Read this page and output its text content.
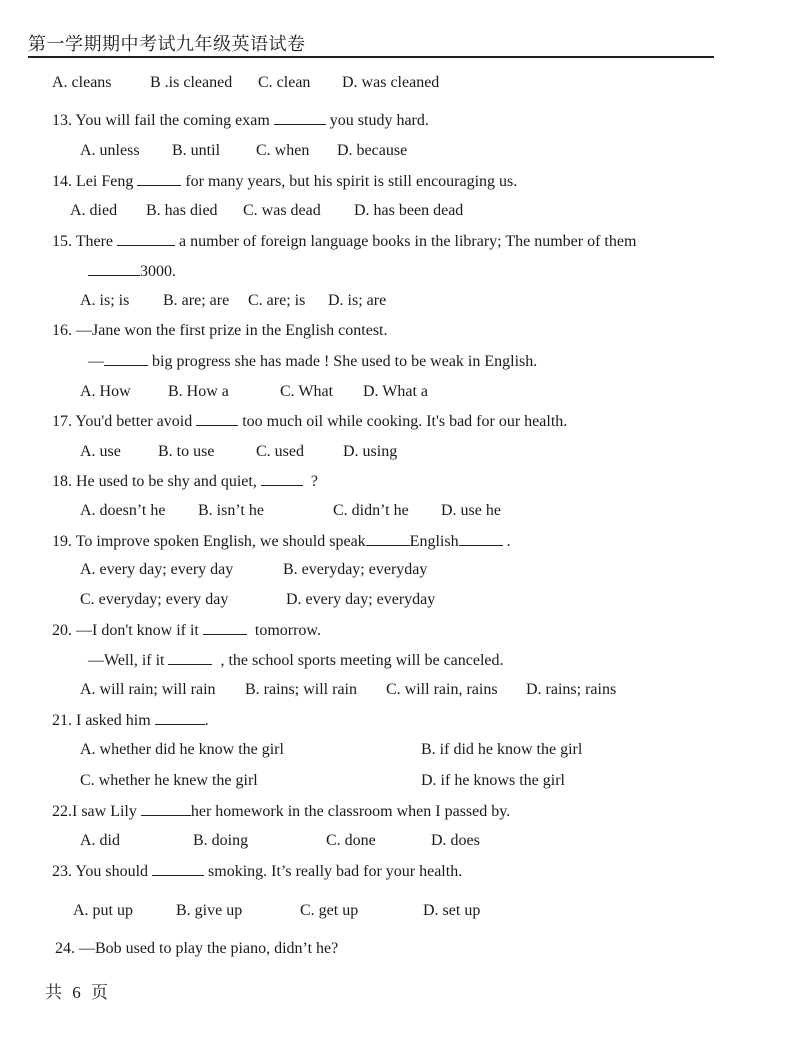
第一学期期中考试九年级英语试卷
A. cleans B .is cleaned C. clean D. was cleaned
13. You will fail the coming exam	you study hard.
A. unless B. until C. when D. because
14. Lei Feng	for many years, but his spirit is still encouraging us.
A. died B. has died C. was dead D. has been dead
15. There	a number of foreign language books in the library; The number of them
3000.
A. is; is B. are; are C. are; is D. is; are
16. —Jane won the first prize in the English contest.
—	big progress she has made ! She used to be weak in English.
A. How B. How a	C. What D. What a
17. You'd better avoid	too much oil while cooking. It's bad for our health.
A. use B. to use	C. used D. using
18. He used to be shy and quiet,	?
A. doesn’t he B. isn’t he	C. didn’t he D. use he
19. To improve spoken English, we should speak	English	.
A. every day; every day	B. everyday; everyday
C. everyday; every day	D. every day; everyday
20. —I don't know if it	tomorrow.
—Well, if it	, the school sports meeting will be canceled.
A. will rain; will rain B. rains; will rain C. will rain, rains D. rains; rains
21. I asked him	.
A. whether did he know the girl	B. if did he know the girl
C. whether he knew the girl	D. if he knows the girl
22.I saw Lily	her homework in the classroom when I passed by.
A. did	B. doing	C. done	D. does
23. You should	smoking. It’s really bad for your health.
A. put up	B. give up	C. get up	D. set up
24. —Bob used to play the piano, didn’t he?
共 6 页
